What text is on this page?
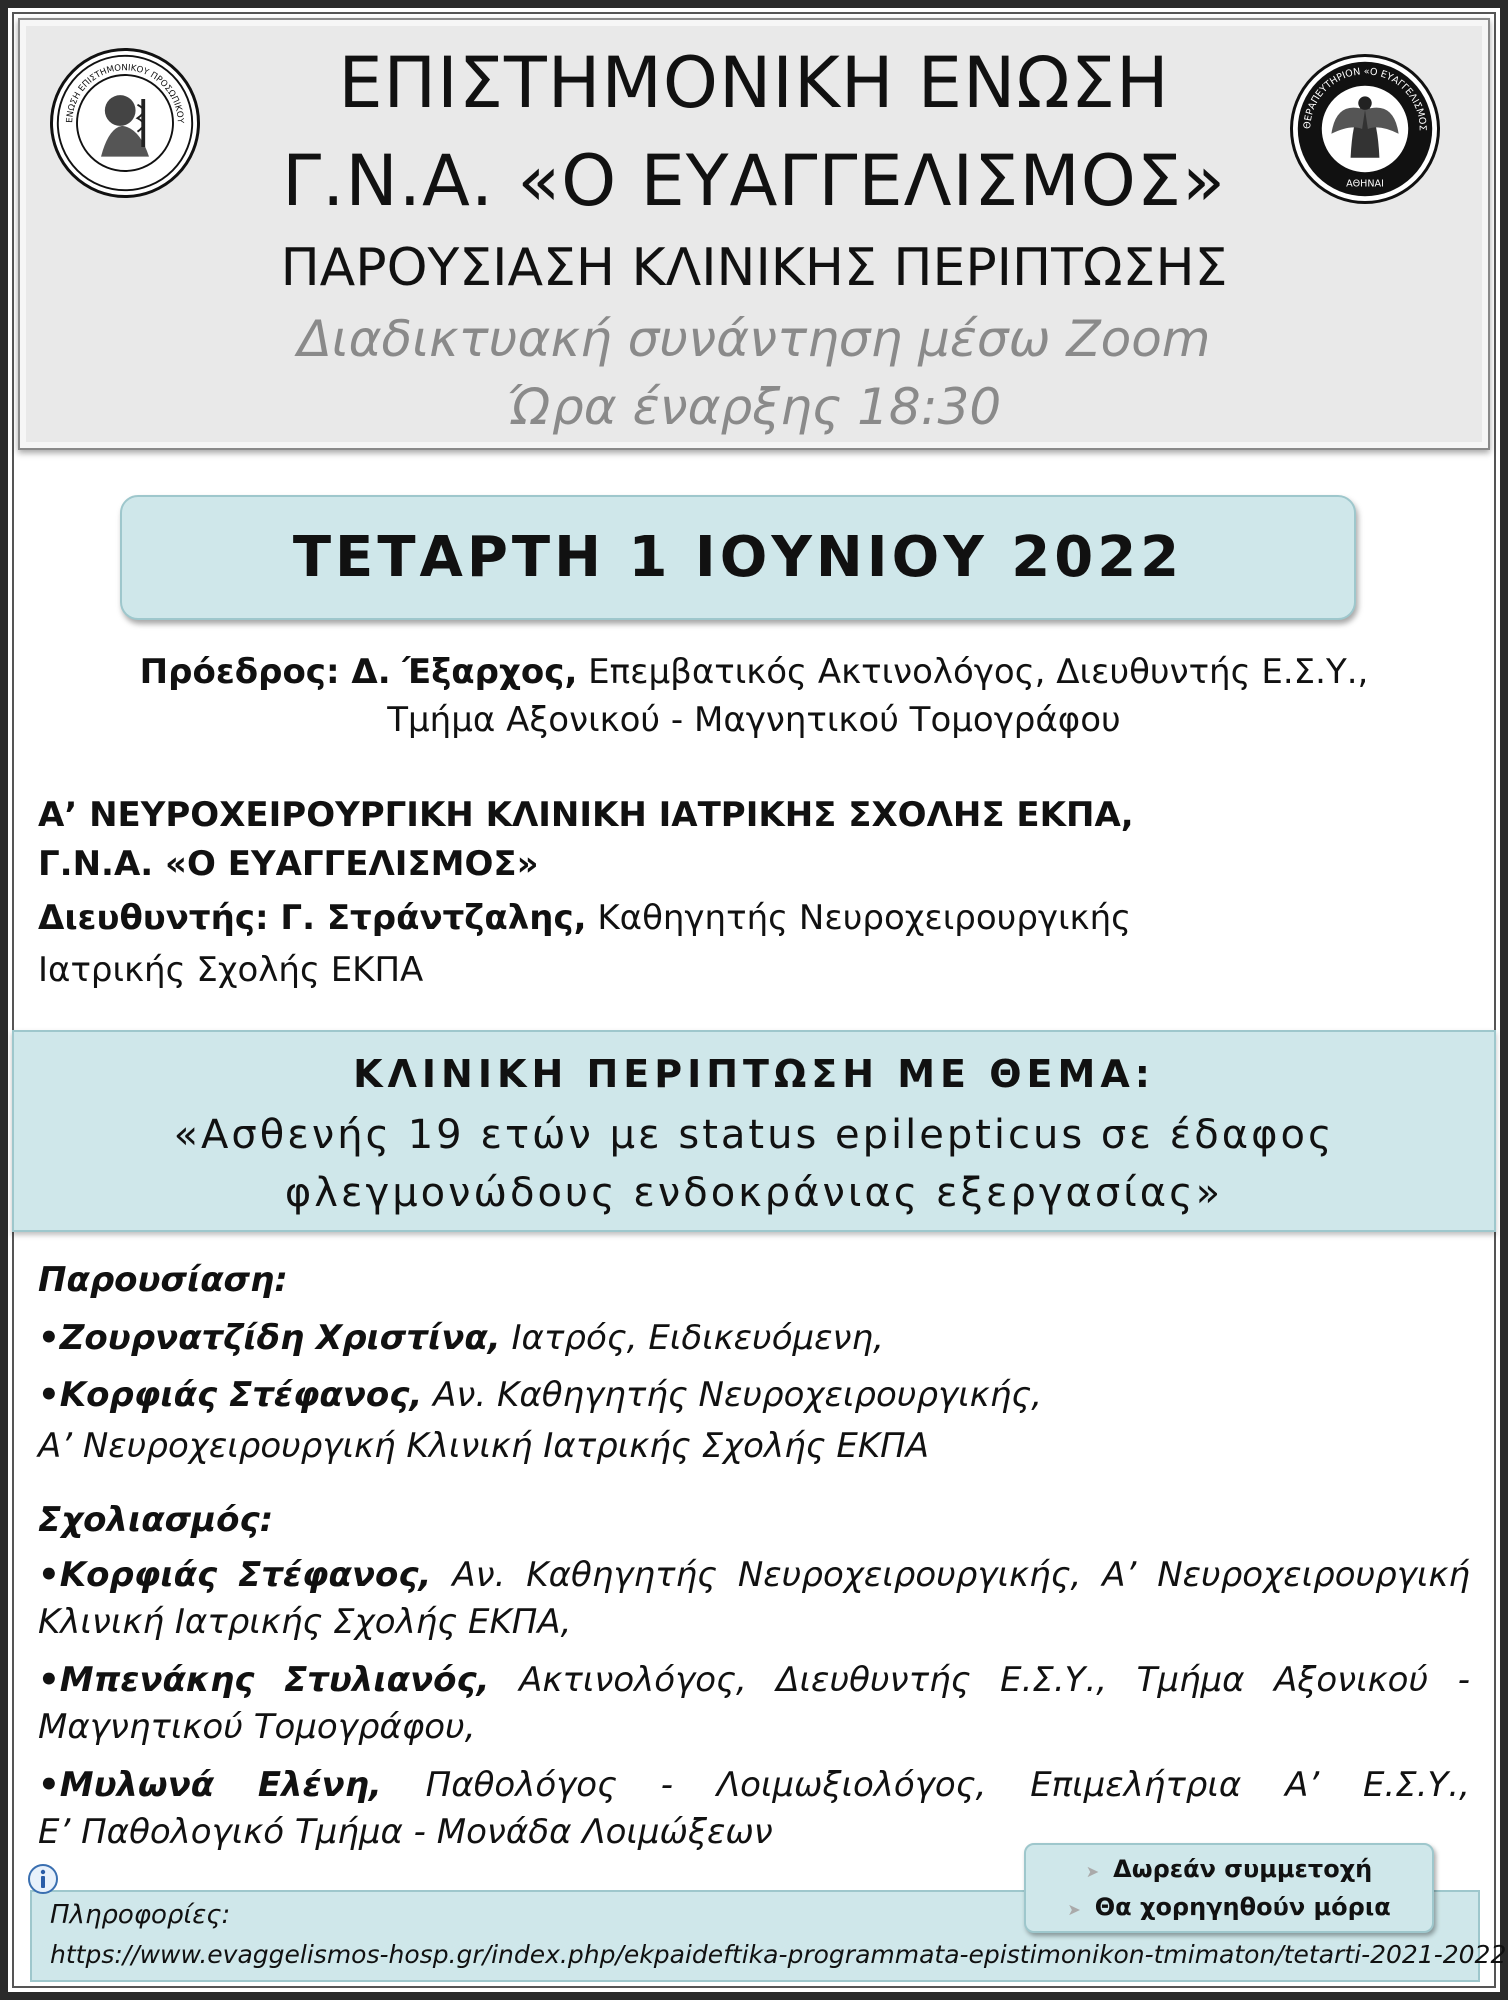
ΕΠΙΣΤΗΜΟΝΙΚΗ ΕΝΩΣΗ
Γ.Ν.Α. «Ο ΕΥΑΓΓΕΛΙΣΜΟΣ»
ΠΑΡΟΥΣΙΑΣΗ ΚΛΙΝΙΚΗΣ ΠΕΡΙΠΤΩΣΗΣ
Διαδικτυακή συνάντηση μέσω Zoom
Ώρα έναρξης 18:30
ΕΝΩΣΗ ΕΠΙΣΤΗΜΟΝΙΚΟΥ ΠΡΟΣΩΠΙΚΟΥ
ΘΕΡΑΠΕΥΤΗΡΙΟΝ «Ο ΕΥΑΓΓΕΛΙΣΜΟΣ
ΑΘΗΝΑΙ
ΤΕΤΑΡΤΗ 1 ΙΟΥΝΙΟΥ 2022
Πρόεδρος: Δ. Έξαρχος, Επεμβατικός Ακτινολόγος, Διευθυντής Ε.Σ.Υ.,
Τμήμα Αξονικού - Μαγνητικού Τομογράφου
Α’ ΝΕΥΡΟΧΕΙΡΟΥΡΓΙΚΗ ΚΛΙΝΙΚΗ ΙΑΤΡΙΚΗΣ ΣΧΟΛΗΣ ΕΚΠΑ,
Γ.Ν.Α. «Ο ΕΥΑΓΓΕΛΙΣΜΟΣ»
Διευθυντής: Γ. Στράντζαλης, Καθηγητής Νευροχειρουργικής
Ιατρικής Σχολής ΕΚΠΑ
ΚΛΙΝΙΚΗ ΠΕΡΙΠΤΩΣΗ ΜΕ ΘΕΜΑ:
«Ασθενής 19 ετών με status epilepticus σε έδαφος
φλεγμονώδους ενδοκράνιας εξεργασίας»
Παρουσίαση:
•Ζουρνατζίδη Χριστίνα, Ιατρός, Ειδικευόμενη,
•Κορφιάς Στέφανος, Αν. Καθηγητής Νευροχειρουργικής,
Α’ Νευροχειρουργική Κλινική Ιατρικής Σχολής ΕΚΠΑ
Σχολιασμός:
•Κορφιάς Στέφανος, Αν. Καθηγητής Νευροχειρουργικής, Α’ Νευροχειρουργική
Κλινική Ιατρικής Σχολής ΕΚΠΑ,
•Μπενάκης Στυλιανός, Ακτινολόγος, Διευθυντής Ε.Σ.Υ., Τμήμα Αξονικού -
Μαγνητικού Τομογράφου,
•Μυλωνά Ελένη, Παθολόγος - Λοιμωξιολόγος, Επιμελήτρια Α’ Ε.Σ.Υ.,
Ε’ Παθολογικό Τμήμα - Μονάδα Λοιμώξεων
Πληροφορίες:
https://www.evaggelismos-hosp.gr/index.php/ekpaideftika-programmata-epistimonikon-tmimaton/tetarti-2021-2022
➤ Δωρεάν συμμετοχή
➤ Θα χορηγηθούν μόρια
